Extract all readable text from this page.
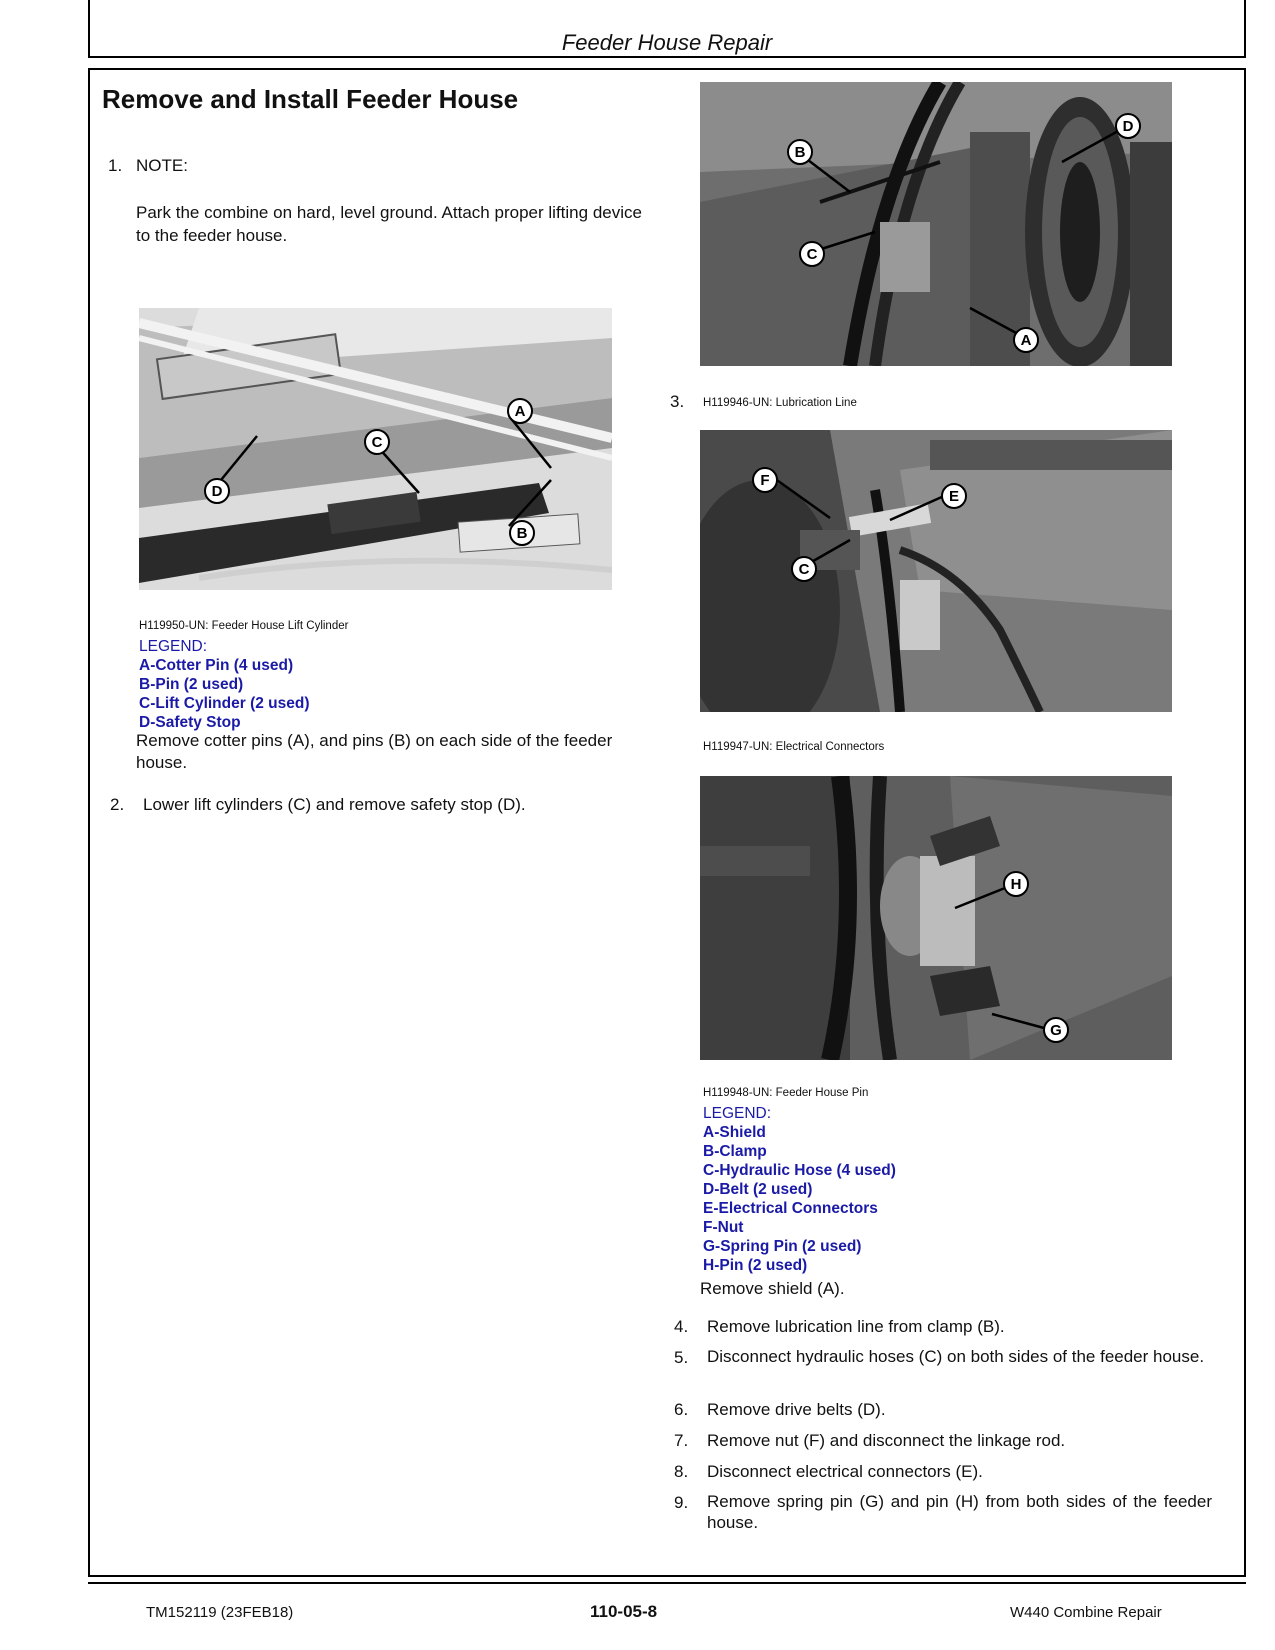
Feeder House Repair
Remove and Install Feeder House
1. NOTE:
Park the combine on hard, level ground. Attach proper lifting device to the feeder house.
A
C
D
B
H119950-UN: Feeder House Lift Cylinder
LEGEND:
A-Cotter Pin (4 used)
B-Pin (2 used)
C-Lift Cylinder (2 used)
D-Safety Stop
Remove cotter pins (A), and pins (B) on each side of the feeder house.
2. Lower lift cylinders (C) and remove safety stop (D).
B
C
D
A
3. H119946-UN: Lubrication Line
F
E
C
H119947-UN: Electrical Connectors
H
G
H119948-UN: Feeder House Pin
LEGEND:
A-Shield
B-Clamp
C-Hydraulic Hose (4 used)
D-Belt (2 used)
E-Electrical Connectors
F-Nut
G-Spring Pin (2 used)
H-Pin (2 used)
Remove shield (A).
4. Remove lubrication line from clamp (B).
5. Disconnect hydraulic hoses (C) on both sides of the feeder house.
6. Remove drive belts (D).
7. Remove nut (F) and disconnect the linkage rod.
8. Disconnect electrical connectors (E).
9. Remove spring pin (G) and pin (H) from both sides of the feeder house.
TM152119 (23FEB18)	110-05-8	W440 Combine Repair
